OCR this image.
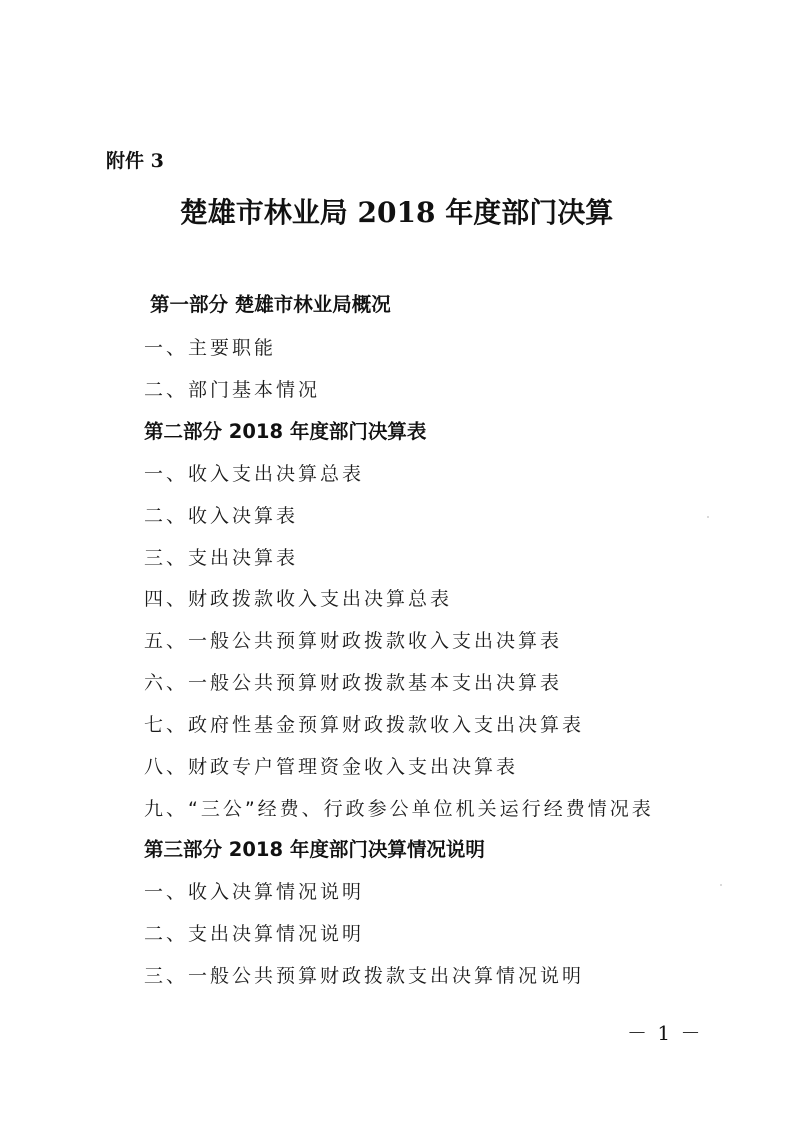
附件 3
楚雄市林业局 2018 年度部门决算
第一部分 楚雄市林业局概况
一、主要职能
二、部门基本情况
第二部分 2018 年度部门决算表
一、收入支出决算总表
二、收入决算表
三、支出决算表
四、财政拨款收入支出决算总表
五、一般公共预算财政拨款收入支出决算表
六、一般公共预算财政拨款基本支出决算表
七、政府性基金预算财政拨款收入支出决算表
八、财政专户管理资金收入支出决算表
九、“三公”经费、行政参公单位机关运行经费情况表
第三部分 2018 年度部门决算情况说明
一、收入决算情况说明
二、支出决算情况说明
三、一般公共预算财政拨款支出决算情况说明
－ 1 －
